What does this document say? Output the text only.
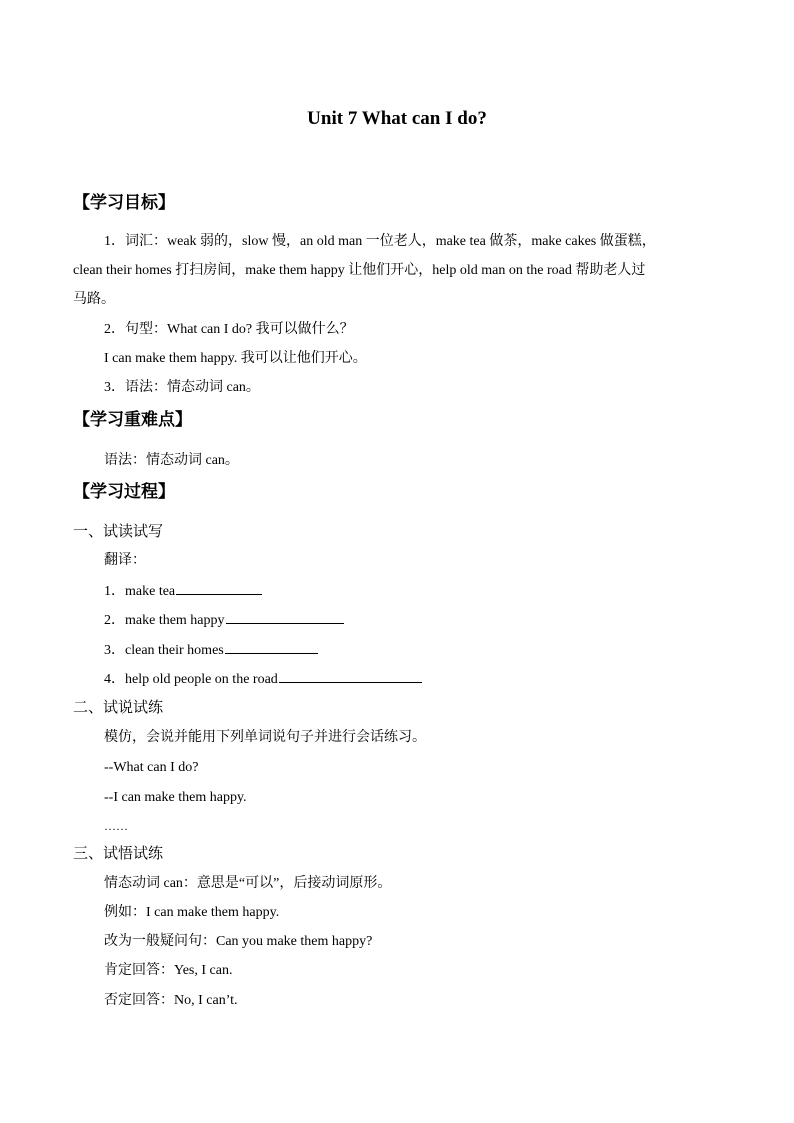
Unit 7 What can I do?
【学习目标】
1．词汇：weak 弱的，slow 慢，an old man 一位老人，make tea 做茶，make cakes 做蛋糕，
clean their homes 打扫房间，make them happy 让他们开心，help old man on the road 帮助老人过
马路。
2．句型：What can I do? 我可以做什么？
I can make them happy. 我可以让他们开心。
3．语法：情态动词 can。
【学习重难点】
语法：情态动词 can。
【学习过程】
一、试读试写
翻译：
1．make tea
2．make them happy
3．clean their homes
4．help old people on the road
二、试说试练
模仿，会说并能用下列单词说句子并进行会话练习。
--What can I do?
--I can make them happy.
……
三、试悟试练
情态动词 can：意思是“可以”，后接动词原形。
例如：I can make them happy.
改为一般疑问句：Can you make them happy?
肯定回答：Yes, I can.
否定回答：No, I can’t.
